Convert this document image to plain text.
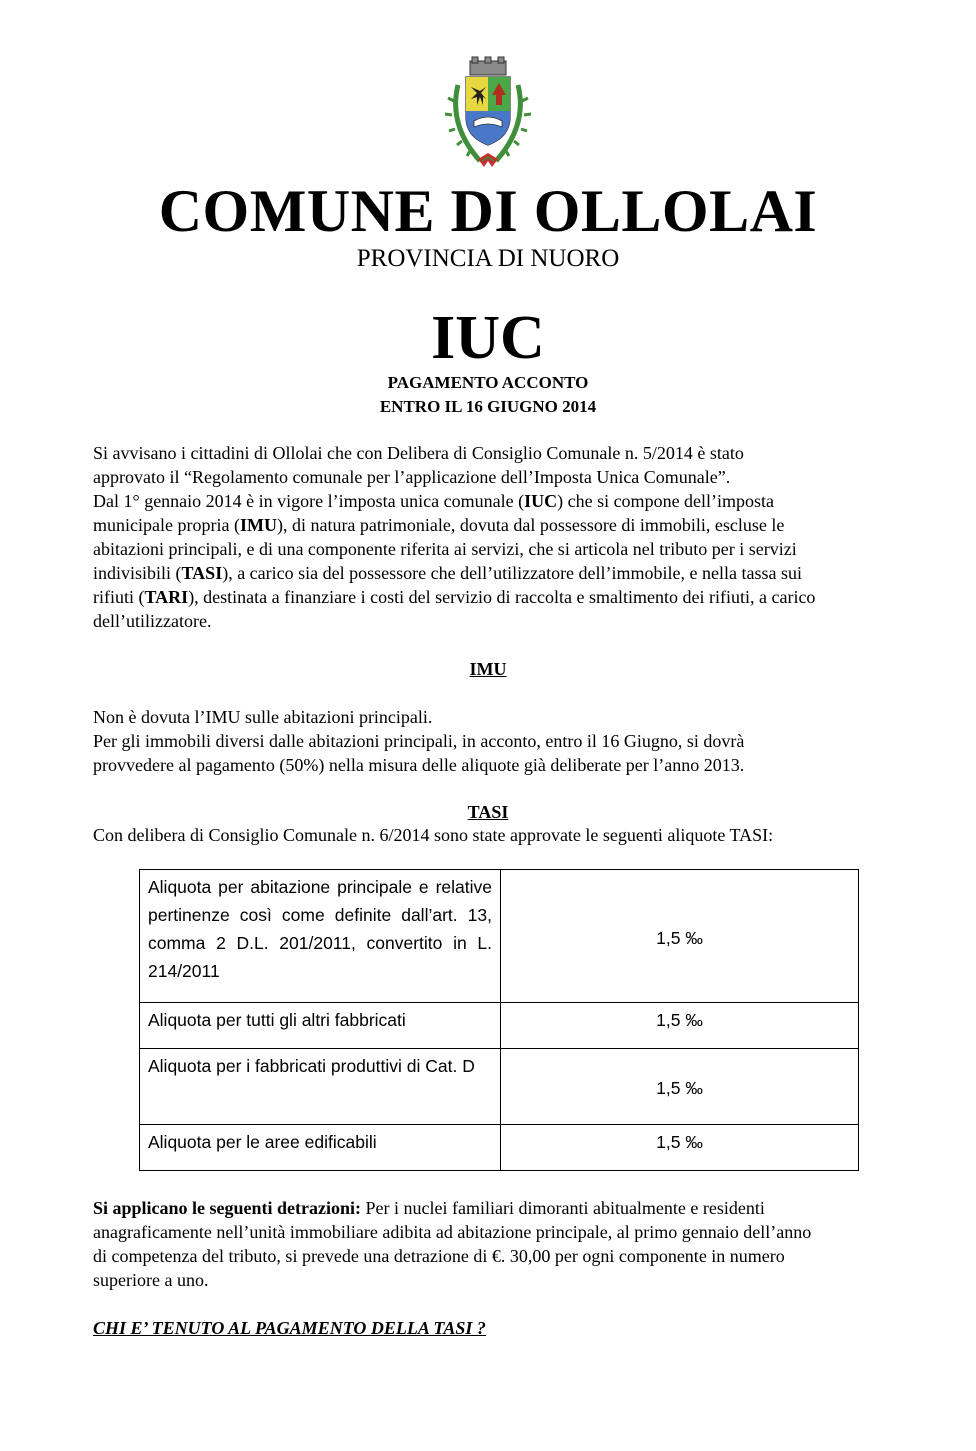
COMUNE DI OLLOLAI
PROVINCIA DI NUORO
IUC
PAGAMENTO ACCONTO
ENTRO IL 16 GIUGNO 2014
Si avvisano i cittadini di Ollolai che con Delibera di Consiglio Comunale n. 5/2014 è stato
approvato il “Regolamento comunale per l’applicazione dell’Imposta Unica Comunale”.
Dal 1° gennaio 2014 è in vigore l’imposta unica comunale (IUC) che si compone dell’imposta
municipale propria (IMU), di natura patrimoniale, dovuta dal possessore di immobili, escluse le
abitazioni principali, e di una componente riferita ai servizi, che si articola nel tributo per i servizi
indivisibili (TASI), a carico sia del possessore che dell’utilizzatore dell’immobile, e nella tassa sui
rifiuti (TARI), destinata a finanziare i costi del servizio di raccolta e smaltimento dei rifiuti, a carico
dell’utilizzatore.
IMU
Non è dovuta l’IMU sulle abitazioni principali.
Per gli immobili diversi dalle abitazioni principali, in acconto, entro il 16 Giugno, si dovrà
provvedere al pagamento (50%) nella misura delle aliquote già deliberate per l’anno 2013.
TASI
Con delibera di Consiglio Comunale n. 6/2014 sono state approvate le seguenti aliquote TASI:
Aliquota per abitazione principale e relative pertinenze così come definite dall’art. 13, comma 2 D.L. 201/2011, convertito in L. 214/2011	1,5 ‰
Aliquota per tutti gli altri fabbricati	1,5 ‰
Aliquota per i fabbricati produttivi di Cat. D	1,5 ‰
Aliquota per le aree edificabili	1,5 ‰
Si applicano le seguenti detrazioni: Per i nuclei familiari dimoranti abitualmente e residenti
anagraficamente nell’unità immobiliare adibita ad abitazione principale, al primo gennaio dell’anno
di competenza del tributo, si prevede una detrazione di €. 30,00 per ogni componente in numero
superiore a uno.
CHI E’ TENUTO AL PAGAMENTO DELLA TASI ?
